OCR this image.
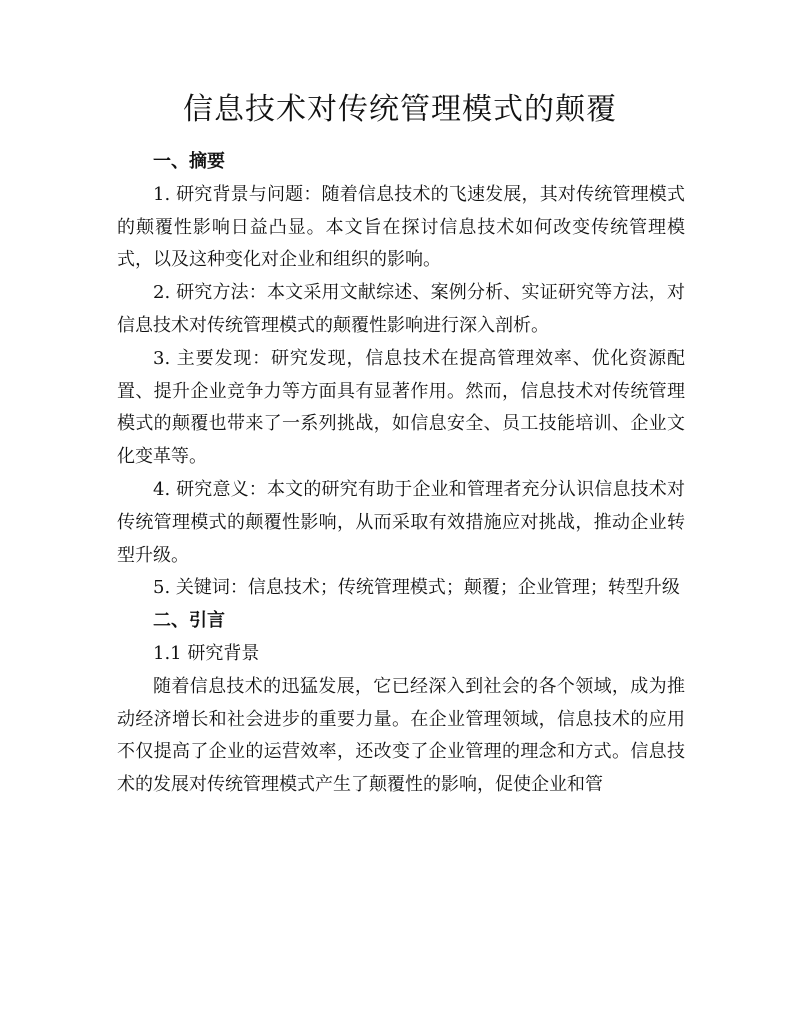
信息技术对传统管理模式的颠覆

一、摘要

1. 研究背景与问题：随着信息技术的飞速发展，其对传统管理模式的颠覆性影响日益凸显。本文旨在探讨信息技术如何改变传统管理模式，以及这种变化对企业和组织的影响。

2. 研究方法：本文采用文献综述、案例分析、实证研究等方法，对信息技术对传统管理模式的颠覆性影响进行深入剖析。

3. 主要发现：研究发现，信息技术在提高管理效率、优化资源配置、提升企业竞争力等方面具有显著作用。然而，信息技术对传统管理模式的颠覆也带来了一系列挑战，如信息安全、员工技能培训、企业文化变革等。

4. 研究意义：本文的研究有助于企业和管理者充分认识信息技术对传统管理模式的颠覆性影响，从而采取有效措施应对挑战，推动企业转型升级。

5. 关键词：信息技术；传统管理模式；颠覆；企业管理；转型升级

二、引言

1.1 研究背景

随着信息技术的迅猛发展，它已经深入到社会的各个领域，成为推动经济增长和社会进步的重要力量。在企业管理领域，信息技术的应用不仅提高了企业的运营效率，还改变了企业管理的理念和方式。信息技术的发展对传统管理模式产生了颠覆性的影响，促使企业和管
